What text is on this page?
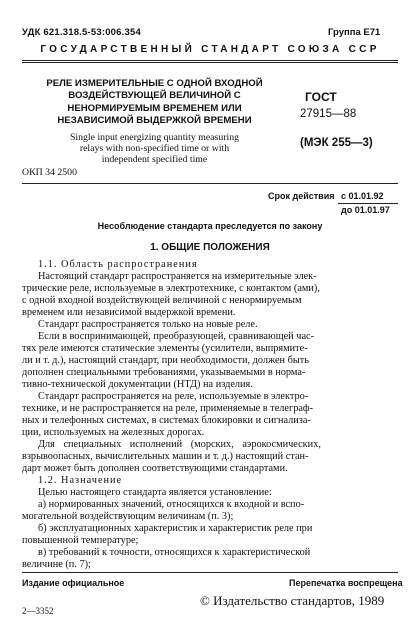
УДК 621.318.5-53:006.354	Группа Е71
ГОСУДАРСТВЕННЫЙ СТАНДАРТ СОЮЗА ССР
РЕЛЕ ИЗМЕРИТЕЛЬНЫЕ С ОДНОЙ ВХОДНОЙ
ВОЗДЕЙСТВУЮЩЕЙ ВЕЛИЧИНОЙ С
НЕНОРМИРУЕМЫМ ВРЕМЕНЕМ ИЛИ
НЕЗАВИСИМОЙ ВЫДЕРЖКОЙ ВРЕМЕНИ
Single input energizing quantity measuring
relays with non-specified time or with
independent specified time
ОКП 34 2500
ГОСТ
27915—88
(МЭК 255—3)
Срок действия с 01.01.92
до 01.01.97
Несоблюдение стандарта преследуется по закону
1. ОБЩИЕ ПОЛОЖЕНИЯ
1.1. Область распространения
Настоящий стандарт распространяется на измерительные элек-
трические реле, используемые в электротехнике, с контактом (ами),
с одной входной воздействующей величиной с ненормируемым
временем или независимой выдержкой времени.
Стандарт распространяется только на новые реле.
Если в воспринимающей, преобразующей, сравнивающей час-
тях реле имеются статические элементы (усилители, выпрямите-
ли и т. д.), настоящий стандарт, при необходимости, должен быть
дополнен специальными требованиями, указываемыми в норма-
тивно-технической документации (НТД) на изделия.
Стандарт распространяется на реле, используемые в электро-
технике, и не распространяется на реле, применяемые в телеграф-
ных и телефонных системах, в системах блокировки и сигнализа-
ции, используемых на железных дорогах.
Для специальных исполнений (морских, аэрокосмических,
взрывоопасных, вычислительных машин и т. д.) настоящий стан-
дарт может быть дополнен соответствующими стандартами.
1.2. Назначение
Целью настоящего стандарта является установление:
а) нормированных значений, относящихся к входной и вспо-
могательной воздействующим величинам (п. 3);
б) эксплуатационных характеристик и характеристик реле при
повышенной температуре;
в) требований к точности, относящихся к характеристической
величине (п. 7);
Издание официальное	Перепечатка воспрещена
© Издательство стандартов, 1989
2—3352
